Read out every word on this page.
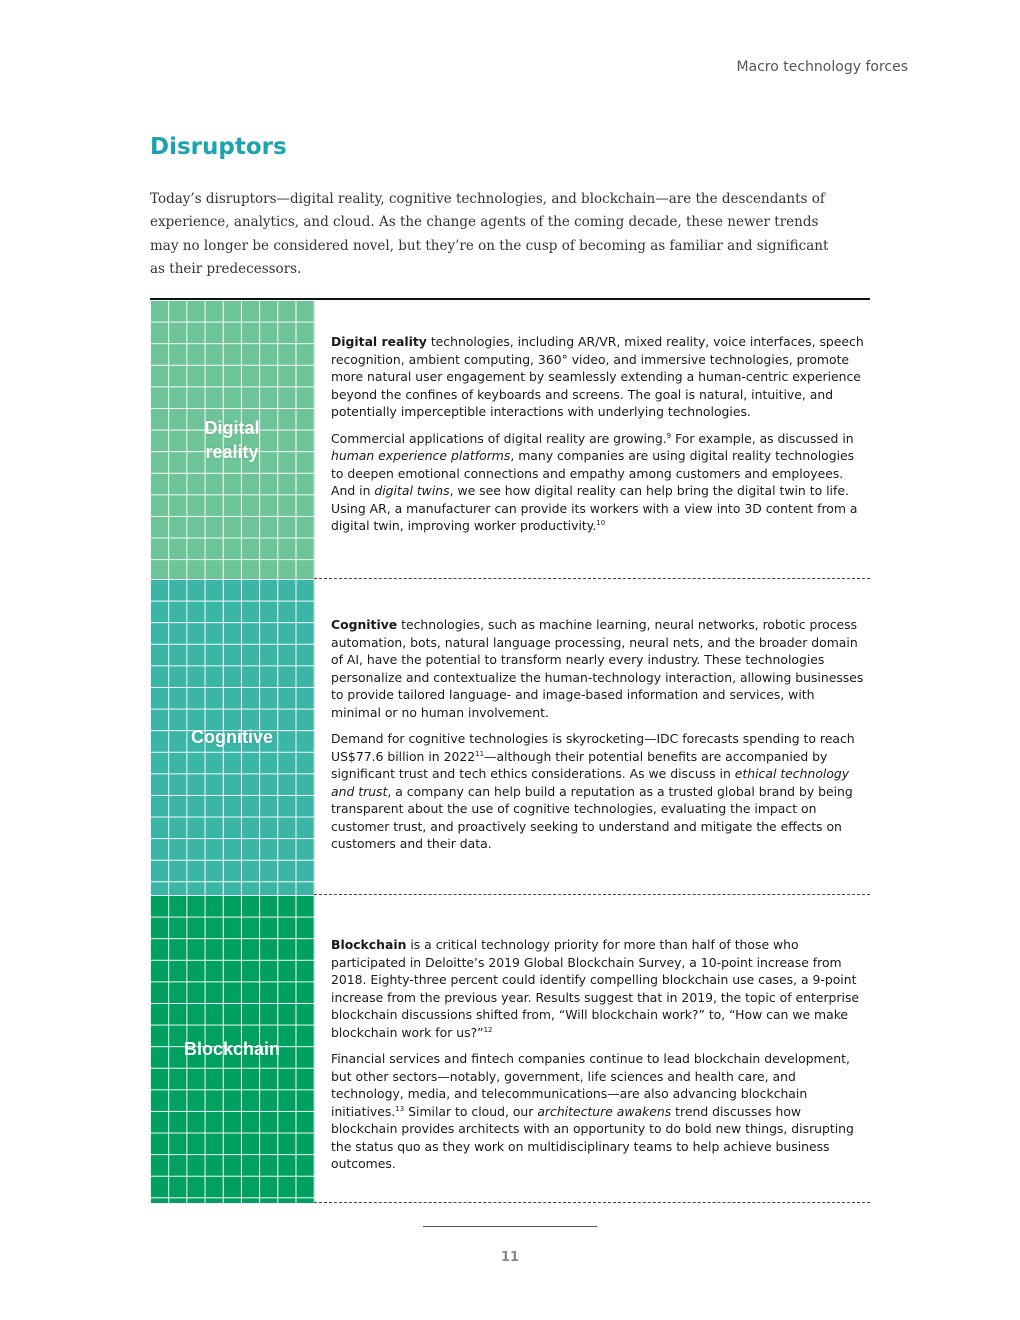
Macro technology forces
Disruptors

Today’s disruptors—digital reality, cognitive technologies, and blockchain—are the descendants of experience, analytics, and cloud. As the change agents of the coming decade, these newer trends may no longer be considered novel, but they’re on the cusp of becoming as familiar and significant as their predecessors.

Digital
reality

Digital reality technologies, including AR/VR, mixed reality, voice interfaces, speech recognition, ambient computing, 360° video, and immersive technologies, promote more natural user engagement by seamlessly extending a human-centric experience beyond the confines of keyboards and screens. The goal is natural, intuitive, and potentially imperceptible interactions with underlying technologies.

Commercial applications of digital reality are growing.$^9$ For example, as discussed in human experience platforms, many companies are using digital reality technologies to deepen emotional connections and empathy among customers and employees. And in digital twins, we see how digital reality can help bring the digital twin to life. Using AR, a manufacturer can provide its workers with a view into 3D content from a digital twin, improving worker productivity.$^{10}$

Cognitive

Cognitive technologies, such as machine learning, neural networks, robotic process automation, bots, natural language processing, neural nets, and the broader domain of AI, have the potential to transform nearly every industry. These technologies personalize and contextualize the human-technology interaction, allowing businesses to provide tailored language- and image-based information and services, with minimal or no human involvement.

Demand for cognitive technologies is skyrocketing—IDC forecasts spending to reach US$77.6 billion in 2022$^{11}$—although their potential benefits are accompanied by significant trust and tech ethics considerations. As we discuss in ethical technology and trust, a company can help build a reputation as a trusted global brand by being transparent about the use of cognitive technologies, evaluating the impact on customer trust, and proactively seeking to understand and mitigate the effects on customers and their data.

Blockchain

Blockchain is a critical technology priority for more than half of those who participated in Deloitte’s 2019 Global Blockchain Survey, a 10-point increase from 2018. Eighty-three percent could identify compelling blockchain use cases, a 9-point increase from the previous year. Results suggest that in 2019, the topic of enterprise blockchain discussions shifted from, “Will blockchain work?” to, “How can we make blockchain work for us?”$^{12}$

Financial services and fintech companies continue to lead blockchain development, but other sectors—notably, government, life sciences and health care, and technology, media, and telecommunications—are also advancing blockchain initiatives.$^{13}$ Similar to cloud, our architecture awakens trend discusses how blockchain provides architects with an opportunity to do bold new things, disrupting the status quo as they work on multidisciplinary teams to help achieve business outcomes.

11
